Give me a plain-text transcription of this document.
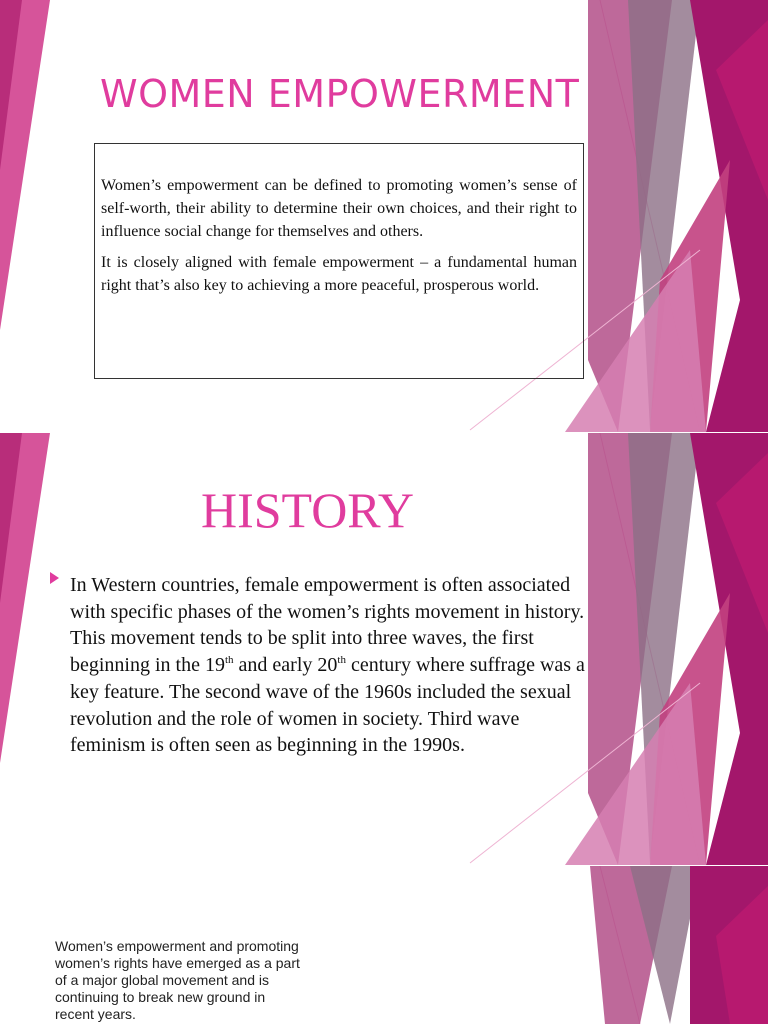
WOMEN EMPOWERMENT

Women’s empowerment can be defined to promoting women’s sense of self-worth, their ability to determine their own choices, and their right to influence social change for themselves and others.

It is closely aligned with female empowerment – a fundamental human right that’s also key to achieving a more peaceful, prosperous world.

HISTORY

In Western countries, female empowerment is often associated with specific phases of the women’s rights movement in history. This movement tends to be split into three waves, the first beginning in the 19th and early 20th century where suffrage was a key feature. The second wave of the 1960s included the sexual revolution and the role of women in society. Third wave feminism is often seen as beginning in the 1990s.

Women’s empowerment and promoting women’s rights have emerged as a part of a major global movement and is continuing to break new ground in recent years.
